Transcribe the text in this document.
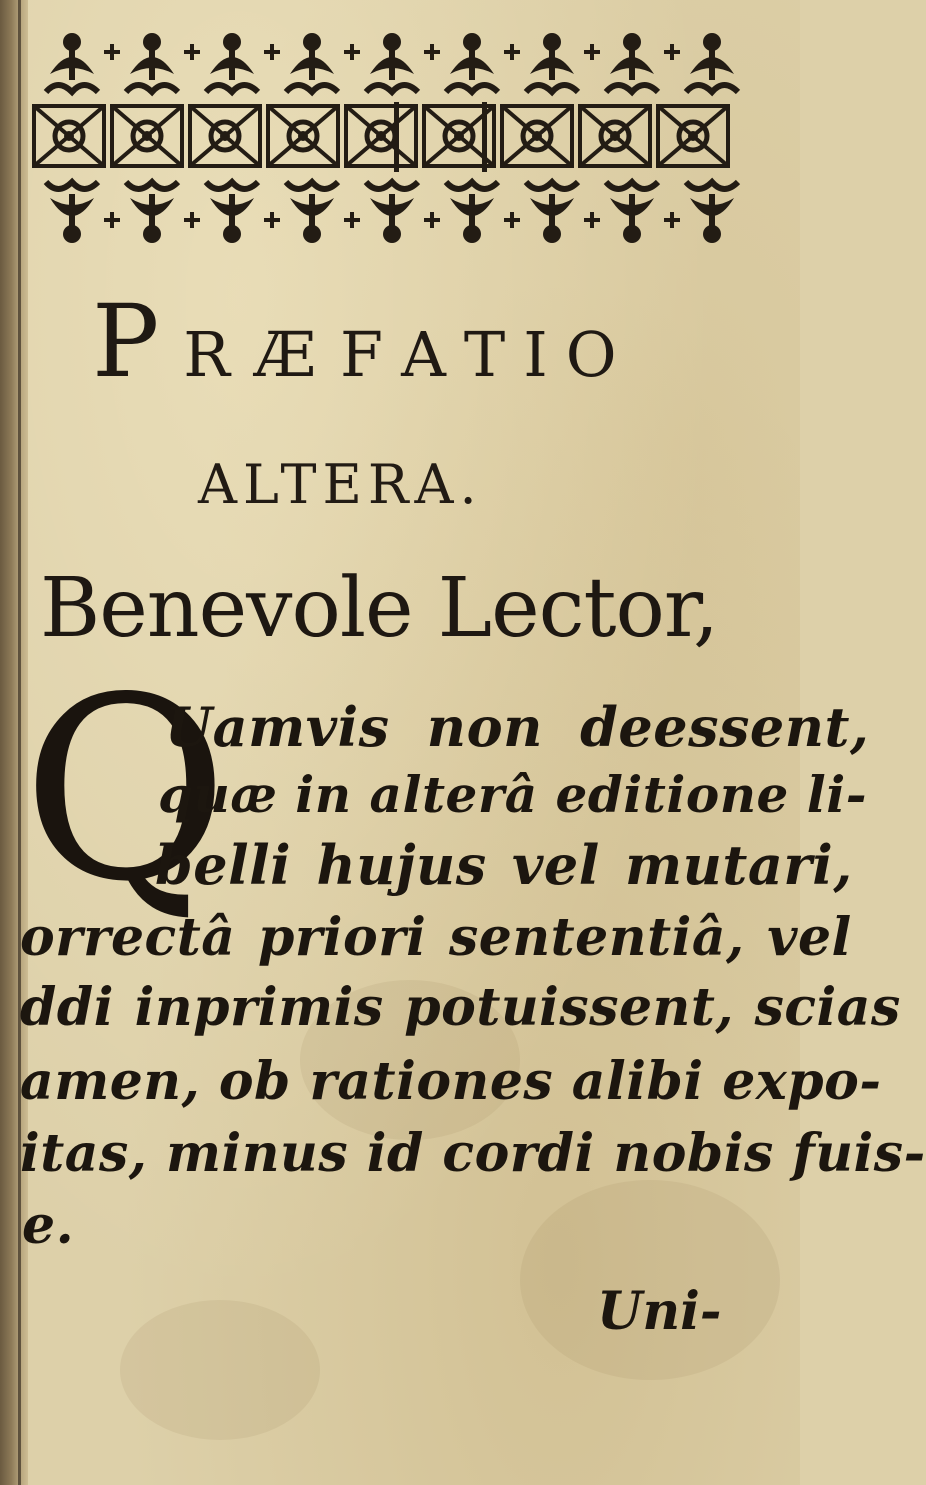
P R Æ F A T I O
ALTERA.
Benevole Lector,
Q
Uamvis non deessent,
quæ in alterâ editione li-
belli hujus vel mutari,
orrectâ priori sententiâ, vel
ddi inprimis potuissent, scias
amen, ob rationes alibi expo-
itas, minus id cordi nobis fuis-
e.
Uni-
